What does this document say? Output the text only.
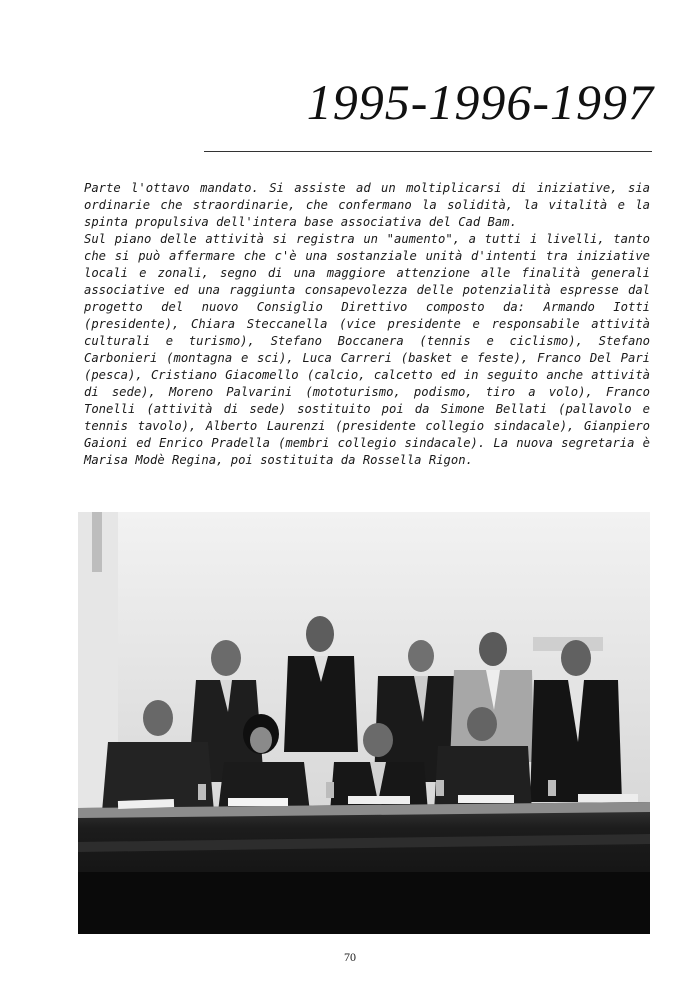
1995-1996-1997

Parte l'ottavo mandato. Si assiste ad un moltiplicarsi di iniziative, sia ordinarie che straordinarie, che confermano la solidità, la vitalità e la spinta propulsiva dell'intera base associativa del Cad Bam.

Sul piano delle attività si registra un "aumento", a tutti i livelli, tanto che si può affermare che c'è una sostanziale unità d'intenti tra iniziative locali e zonali, segno di una maggiore attenzione alle finalità generali associative ed una raggiunta consapevolezza delle potenzialità espresse dal progetto del nuovo Consiglio Direttivo composto da: Armando Iotti (presidente), Chiara Steccanella (vice presidente e responsabile attività culturali e turismo), Stefano Boccanera (tennis e ciclismo), Stefano Carbonieri (montagna e sci), Luca Carreri (basket e feste), Franco Del Pari (pesca), Cristiano Giacomello (calcio, calcetto ed in seguito anche attività di sede), Moreno Palvarini (mototurismo, podismo, tiro a volo), Franco Tonelli (attività di sede) sostituito poi da Simone Bellati (pallavolo e tennis tavolo), Alberto Laurenzi (presidente collegio sindacale), Gianpiero Gaioni ed Enrico Pradella (membri collegio sindacale). La nuova segretaria è Marisa Modè Regina, poi sostituita da Rossella Rigon.

70
